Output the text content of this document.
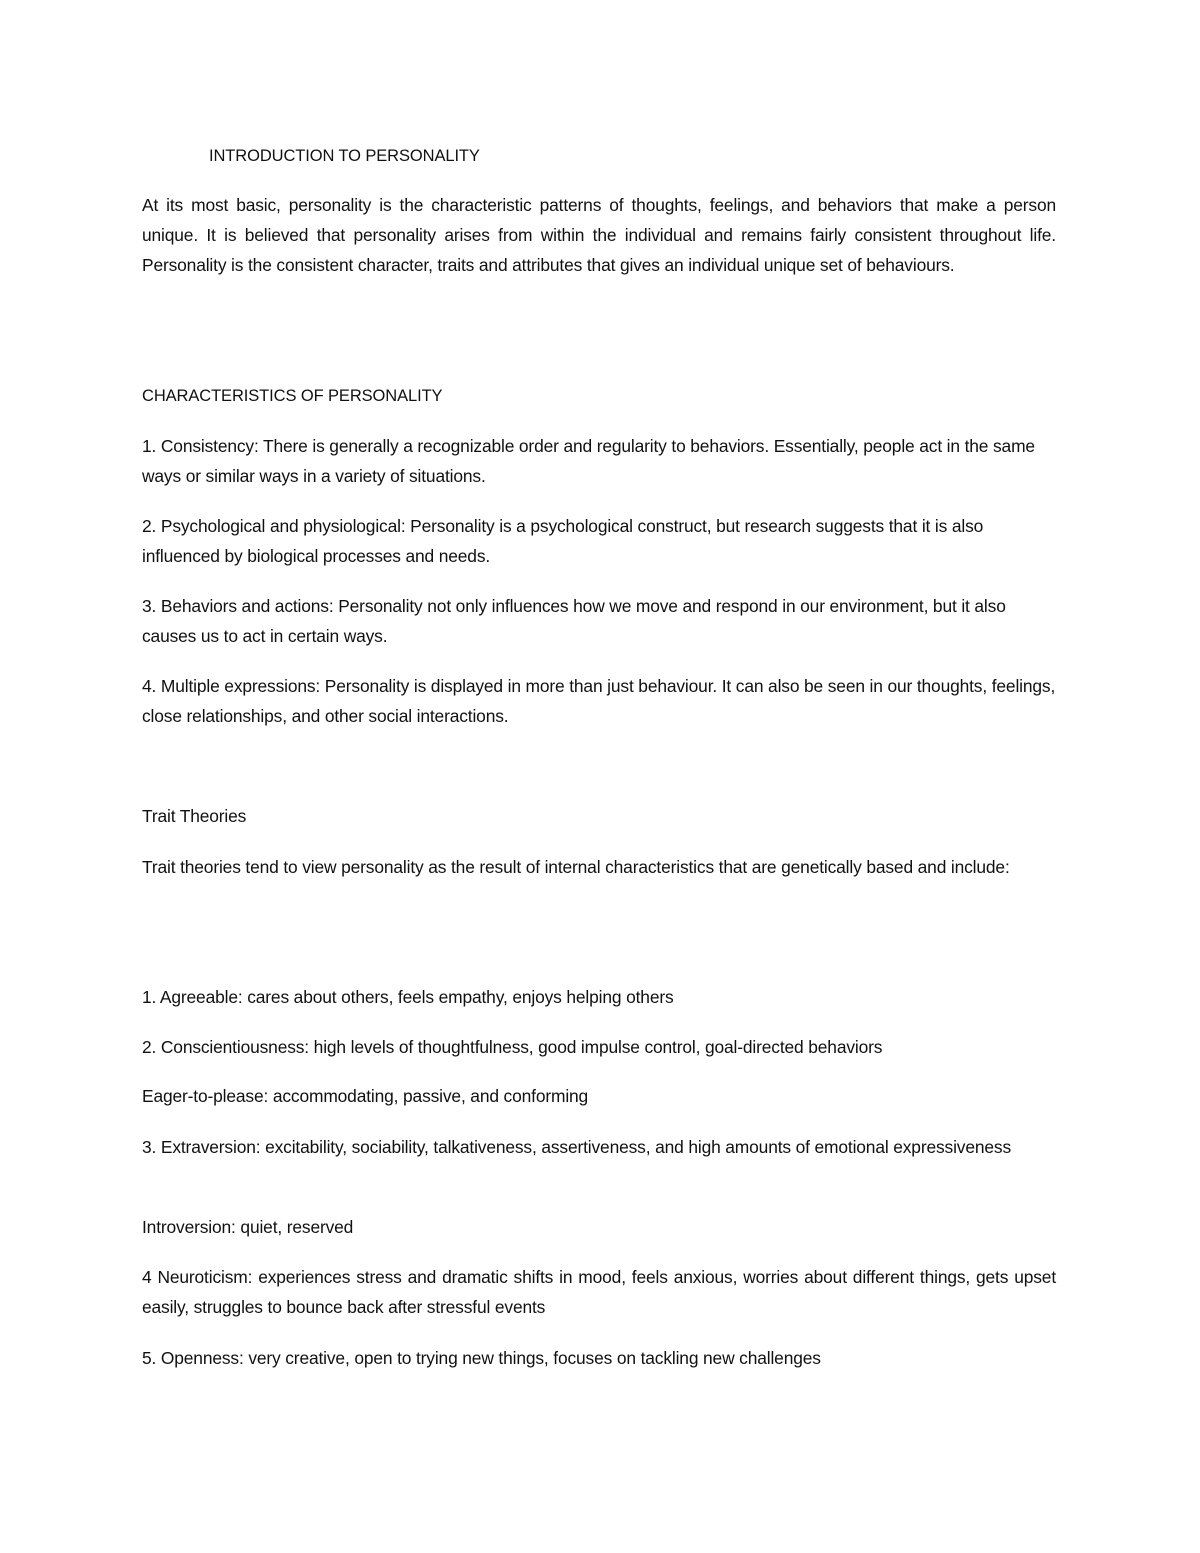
INTRODUCTION TO PERSONALITY

At its most basic, personality is the characteristic patterns of thoughts, feelings, and behaviors that make a person unique. It is believed that personality arises from within the individual and remains fairly consistent throughout life. Personality is the consistent character, traits and attributes that gives an individual unique set of behaviours.

CHARACTERISTICS OF PERSONALITY

1. Consistency: There is generally a recognizable order and regularity to behaviors. Essentially, people act in the same ways or similar ways in a variety of situations.

2. Psychological and physiological: Personality is a psychological construct, but research suggests that it is also influenced by biological processes and needs.

3. Behaviors and actions: Personality not only influences how we move and respond in our environment, but it also causes us to act in certain ways.

4. Multiple expressions: Personality is displayed in more than just behaviour. It can also be seen in our thoughts, feelings, close relationships, and other social interactions.

Trait Theories

Trait theories tend to view personality as the result of internal characteristics that are genetically based and include:

1. Agreeable: cares about others, feels empathy, enjoys helping others

2. Conscientiousness: high levels of thoughtfulness, good impulse control, goal-directed behaviors

Eager-to-please: accommodating, passive, and conforming

3. Extraversion: excitability, sociability, talkativeness, assertiveness, and high amounts of emotional expressiveness

Introversion: quiet, reserved

4 Neuroticism: experiences stress and dramatic shifts in mood, feels anxious, worries about different things, gets upset easily, struggles to bounce back after stressful events

5. Openness: very creative, open to trying new things, focuses on tackling new challenges
